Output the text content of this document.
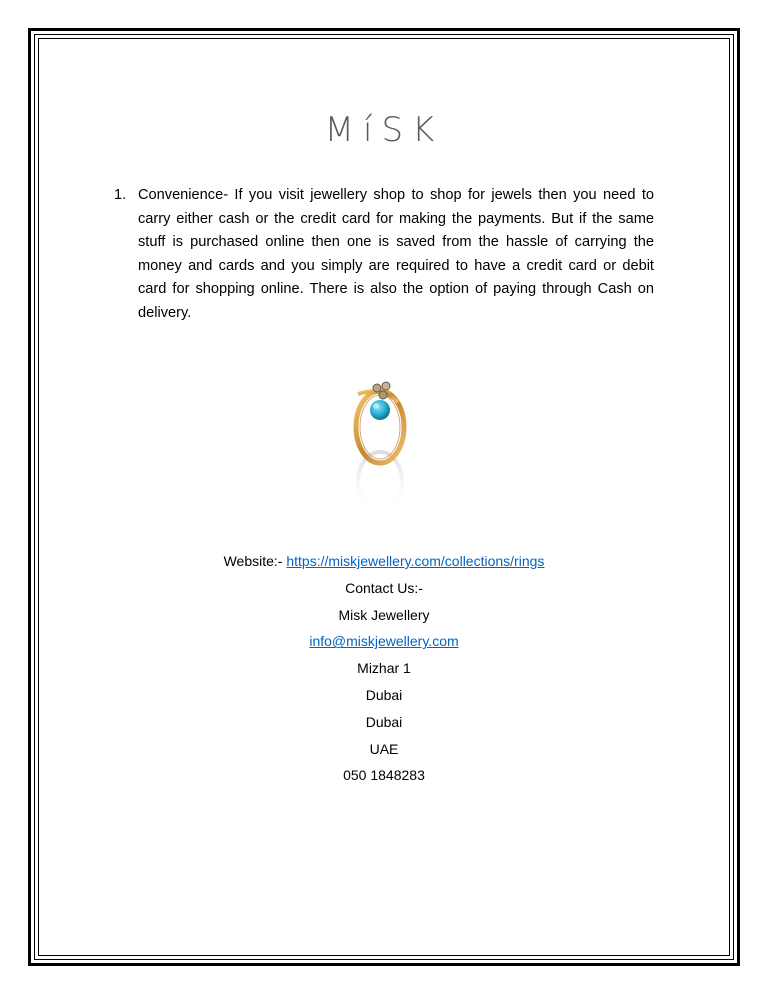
MíSK
1. Convenience- If you visit jewellery shop to shop for jewels then you need to carry either cash or the credit card for making the payments. But if the same stuff is purchased online then one is saved from the hassle of carrying the money and cards and you simply are required to have a credit card or debit card for shopping online. There is also the option of paying through Cash on delivery.
Website:- https://miskjewellery.com/collections/rings
Contact Us:-
Misk Jewellery
info@miskjewellery.com
Mizhar 1
Dubai
Dubai
UAE
050 1848283
